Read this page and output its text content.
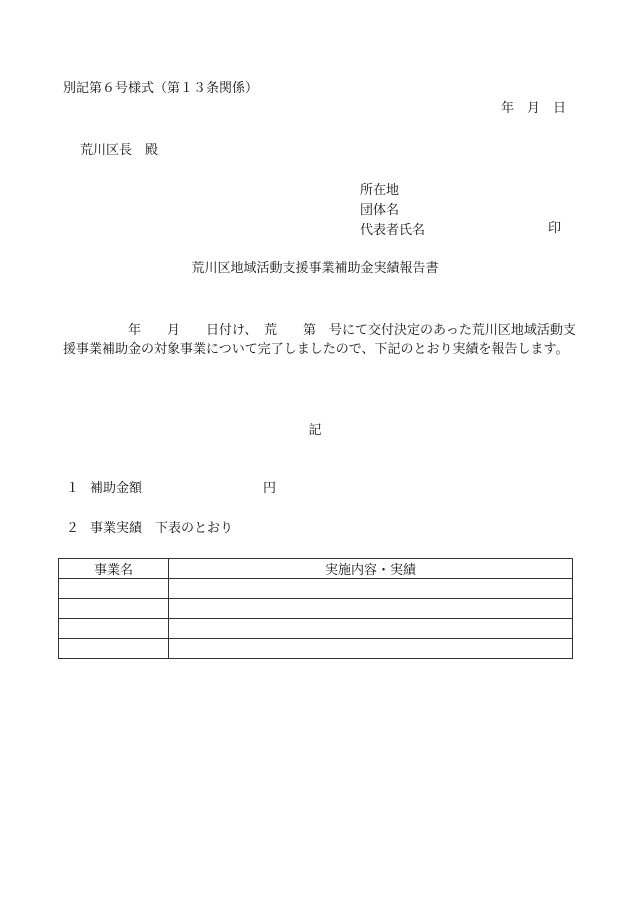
別記第６号様式（第１３条関係）
年　月　日
荒川区長　殿
所在地
団体名
代表者氏名	印
荒川区地域活動支援事業補助金実績報告書
　　　　　年　　月　　日付け、　荒　　第　号にて交付決定のあった荒川区地域活動支援事業補助金の対象事業について完了しましたので、下記のとおり実績を報告します。
記
１ 補助金額	円
２ 事業実績 下表のとおり
事業名	実施内容・実績
